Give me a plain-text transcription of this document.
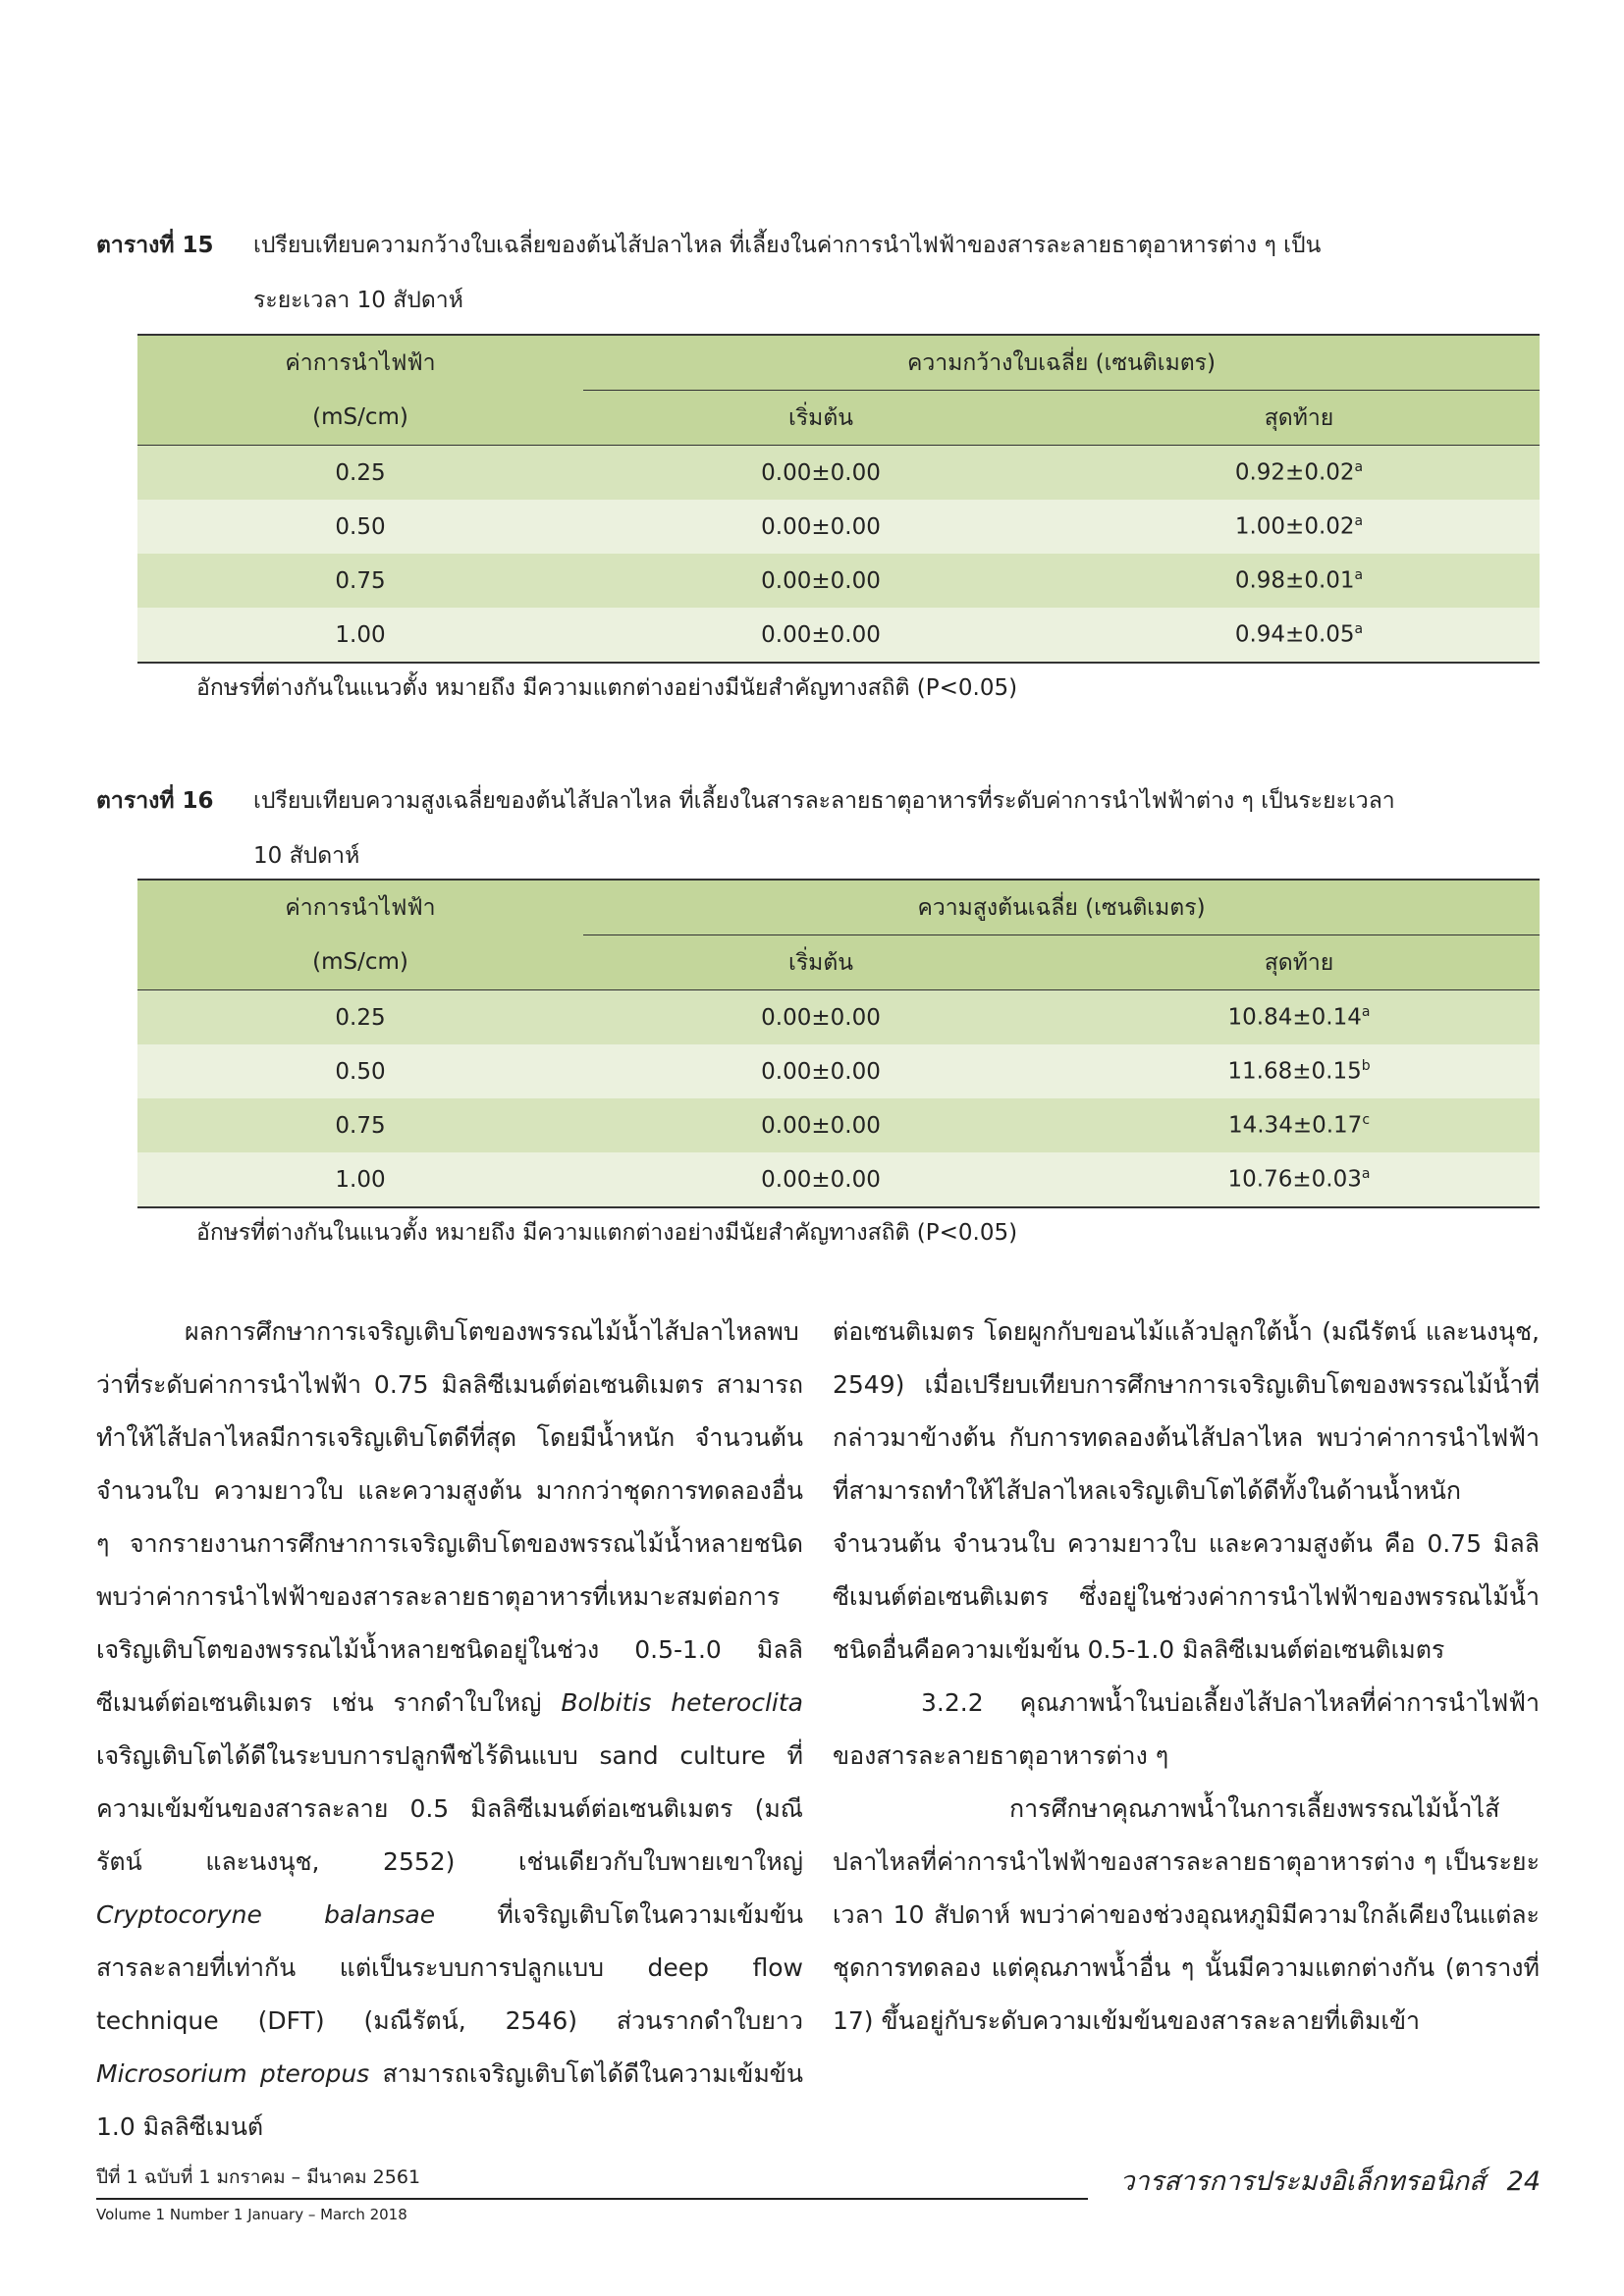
ตารางที่ 15 เปรียบเทียบความกว้างใบเฉลี่ยของต้นไส้ปลาไหล ที่เลี้ยงในค่าการนำไฟฟ้าของสารละลายธาตุอาหารต่าง ๆ เป็น
ระยะเวลา 10 สัปดาห์
ค่าการนำไฟฟ้า	ความกว้างใบเฉลี่ย (เซนติเมตร)	
(mS/cm)	เริ่มต้น	สุดท้าย
0.25	0.00±0.00	0.92±0.02$^a$
0.50	0.00±0.00	1.00±0.02$^a$
0.75	0.00±0.00	0.98±0.01$^a$
1.00	0.00±0.00	0.94±0.05$^a$
อักษรที่ต่างกันในแนวตั้ง หมายถึง มีความแตกต่างอย่างมีนัยสำคัญทางสถิติ (P<0.05)
ตารางที่ 16 เปรียบเทียบความสูงเฉลี่ยของต้นไส้ปลาไหล ที่เลี้ยงในสารละลายธาตุอาหารที่ระดับค่าการนำไฟฟ้าต่าง ๆ เป็นระยะเวลา
10 สัปดาห์
ค่าการนำไฟฟ้า	ความสูงต้นเฉลี่ย (เซนติเมตร)	
(mS/cm)	เริ่มต้น	สุดท้าย
0.25	0.00±0.00	10.84±0.14$^a$
0.50	0.00±0.00	11.68±0.15$^b$
0.75	0.00±0.00	14.34±0.17$^c$
1.00	0.00±0.00	10.76±0.03$^a$
อักษรที่ต่างกันในแนวตั้ง หมายถึง มีความแตกต่างอย่างมีนัยสำคัญทางสถิติ (P<0.05)

ผลการศึกษาการเจริญเติบโตของพรรณไม้น้ำไส้ปลาไหลพบว่าที่ระดับค่าการนำไฟฟ้า 0.75 มิลลิซีเมนต์ต่อเซนติเมตร สามารถทำให้ไส้ปลาไหลมีการเจริญเติบโตดีที่สุด โดยมีน้ำหนัก จำนวนต้น จำนวนใบ ความยาวใบ และความสูงต้น มากกว่าชุดการทดลองอื่น ๆ จากรายงานการศึกษาการเจริญเติบโตของพรรณไม้น้ำหลายชนิดพบว่าค่าการนำไฟฟ้าของสารละลายธาตุอาหารที่เหมาะสมต่อการเจริญเติบโตของพรรณไม้น้ำหลายชนิดอยู่ในช่วง 0.5-1.0 มิลลิซีเมนต์ต่อเซนติเมตร เช่น รากดำใบใหญ่ Bolbitis heteroclita เจริญเติบโตได้ดีในระบบการปลูกพืชไร้ดินแบบ sand culture ที่ความเข้มข้นของสารละลาย 0.5 มิลลิซีเมนต์ต่อเซนติเมตร (มณีรัตน์ และนงนุช, 2552) เช่นเดียวกับใบพายเขาใหญ่ Cryptocoryne balansae ที่เจริญเติบโตในความเข้มข้นสารละลายที่เท่ากัน แต่เป็นระบบการปลูกแบบ deep flow technique (DFT) (มณีรัตน์, 2546) ส่วนรากดำใบยาว Microsorium pteropus สามารถเจริญเติบโตได้ดีในความเข้มข้น 1.0 มิลลิซีเมนต์

ต่อเซนติเมตร โดยผูกกับขอนไม้แล้วปลูกใต้น้ำ (มณีรัตน์ และนงนุช, 2549) เมื่อเปรียบเทียบการศึกษาการเจริญเติบโตของพรรณไม้น้ำที่กล่าวมาข้างต้น กับการทดลองต้นไส้ปลาไหล พบว่าค่าการนำไฟฟ้าที่สามารถทำให้ไส้ปลาไหลเจริญเติบโตได้ดีทั้งในด้านน้ำหนัก จำนวนต้น จำนวนใบ ความยาวใบ และความสูงต้น คือ 0.75 มิลลิซีเมนต์ต่อเซนติเมตร ซึ่งอยู่ในช่วงค่าการนำไฟฟ้าของพรรณไม้น้ำชนิดอื่นคือความเข้มข้น 0.5-1.0 มิลลิซีเมนต์ต่อเซนติเมตร

3.2.2 คุณภาพน้ำในบ่อเลี้ยงไส้ปลาไหลที่ค่าการนำไฟฟ้าของสารละลายธาตุอาหารต่าง ๆ

การศึกษาคุณภาพน้ำในการเลี้ยงพรรณไม้น้ำไส้ปลาไหลที่ค่าการนำไฟฟ้าของสารละลายธาตุอาหารต่าง ๆ เป็นระยะเวลา 10 สัปดาห์ พบว่าค่าของช่วงอุณหภูมิมีความใกล้เคียงในแต่ละชุดการทดลอง แต่คุณภาพน้ำอื่น ๆ นั้นมีความแตกต่างกัน (ตารางที่ 17) ขึ้นอยู่กับระดับความเข้มข้นของสารละลายที่เติมเข้า

ปีที่ 1 ฉบับที่ 1 มกราคม – มีนาคม 2561
Volume 1 Number 1 January – March 2018
วารสารการประมงอิเล็กทรอนิกส์ 24
